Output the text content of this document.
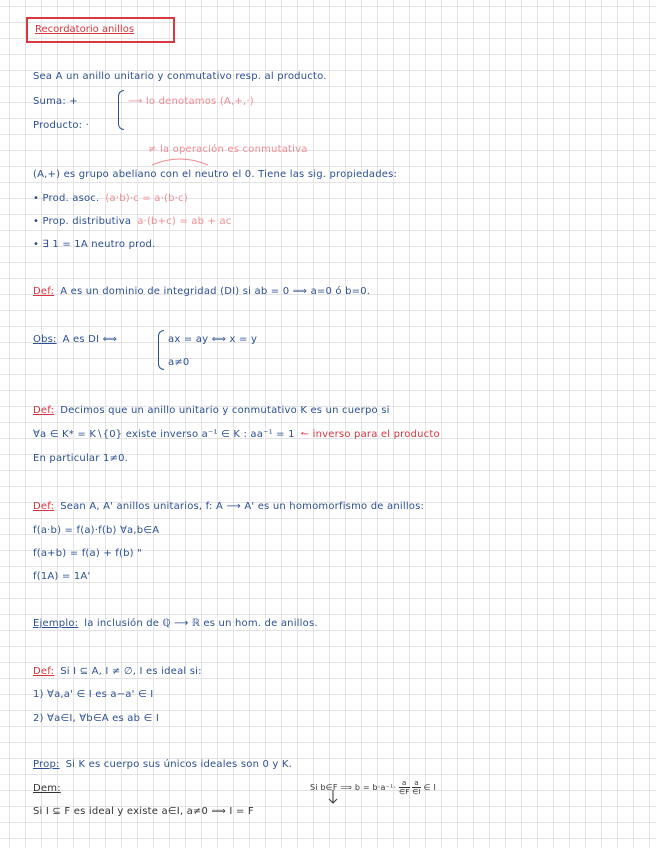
Recordatorio anillos
Sea A un anillo unitario y conmutativo resp. al producto.
Suma: +
Producto: ·
⟶ lo denotamos (A,+,·)
≠ la operación es conmutativa
(A,+) es grupo abeliano con el neutro el 0. Tiene las sig. propiedades:
• Prod. asoc. (a·b)·c = a·(b·c)
• Prop. distributiva a·(b+c) = ab + ac
• ∃ 1 = 1A neutro prod.
Def: A es un dominio de integridad (DI) si ab = 0 ⟹ a=0 ó b=0.
Obs: A es DI ⟺	ax = ay ⟺ x = y
a≠0
Def: Decimos que un anillo unitario y conmutativo K es un cuerpo si
∀a ∈ K* = K∖{0} existe inverso a⁻¹ ∈ K : aa⁻¹ = 1 ↼ inverso para el producto
En particular 1≠0.
Def: Sean A, A' anillos unitarios, f: A ⟶ A' es un homomorfismo de anillos:
f(a·b) = f(a)·f(b) ∀a,b∈A
f(a+b) = f(a) + f(b) "
f(1A) = 1A'
Ejemplo: la inclusión de ℚ ⟶ ℝ es un hom. de anillos.
Def: Si I ⊆ A, I ≠ ∅, I es ideal si:
1) ∀a,a' ∈ I es a−a' ∈ I
2) ∀a∈I, ∀b∈A es ab ∈ I
Prop: Si K es cuerpo sus únicos ideales son 0 y K.
Dem:	Si b∈F ⟹ $b = b\cdot a^{-1}\cdot \frac{a}{\in F}$
$\frac{a}{\in I}$ ∈ I
Si I ⊆ F es ideal y existe a∈I, a≠0 ⟹ I = F
